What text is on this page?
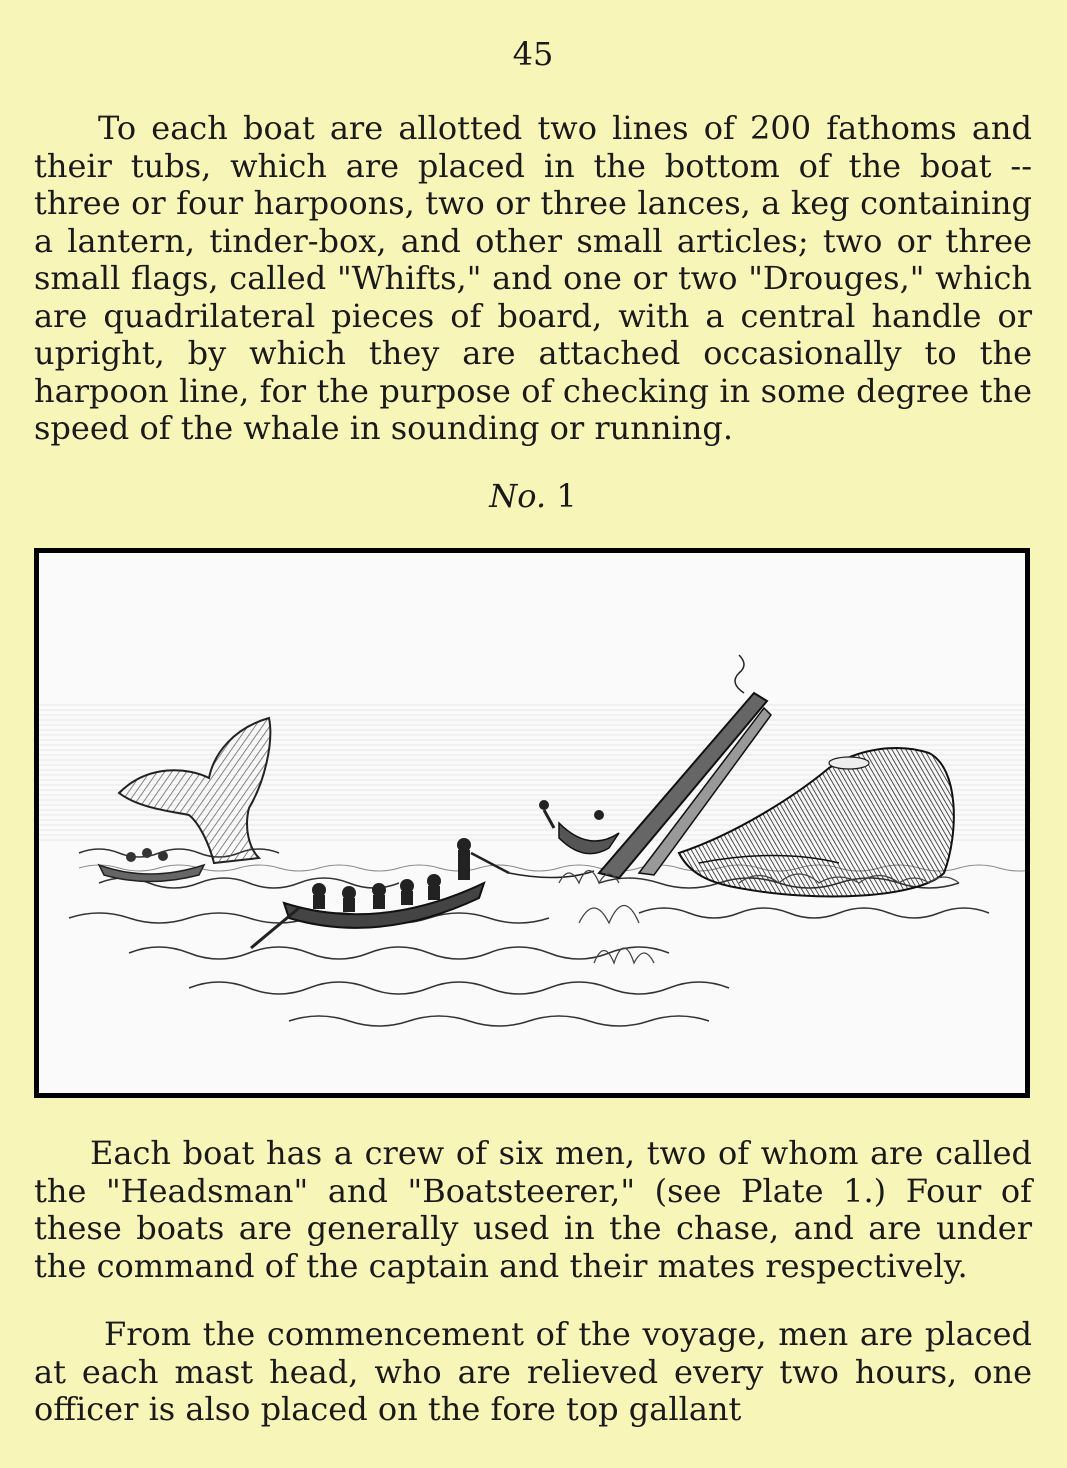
45

To each boat are allotted two lines of 200 fathoms and their tubs, which are placed in the bottom of the boat -- three or four harpoons, two or three lances, a keg containing a lantern, tinder-box, and other small articles; two or three small flags, called "Whifts," and one or two "Drouges," which are quadrilateral pieces of board, with a central handle or upright, by which they are attached occasionally to the harpoon line, for the purpose of checking in some degree the speed of the whale in sounding or running.

No. 1

Each boat has a crew of six men, two of whom are called the "Headsman" and "Boatsteerer," (see Plate 1.) Four of these boats are generally used in the chase, and are under the command of the captain and their mates respectively.

From the commencement of the voyage, men are placed at each mast head, who are relieved every two hours, one officer is also placed on the fore top gallant
